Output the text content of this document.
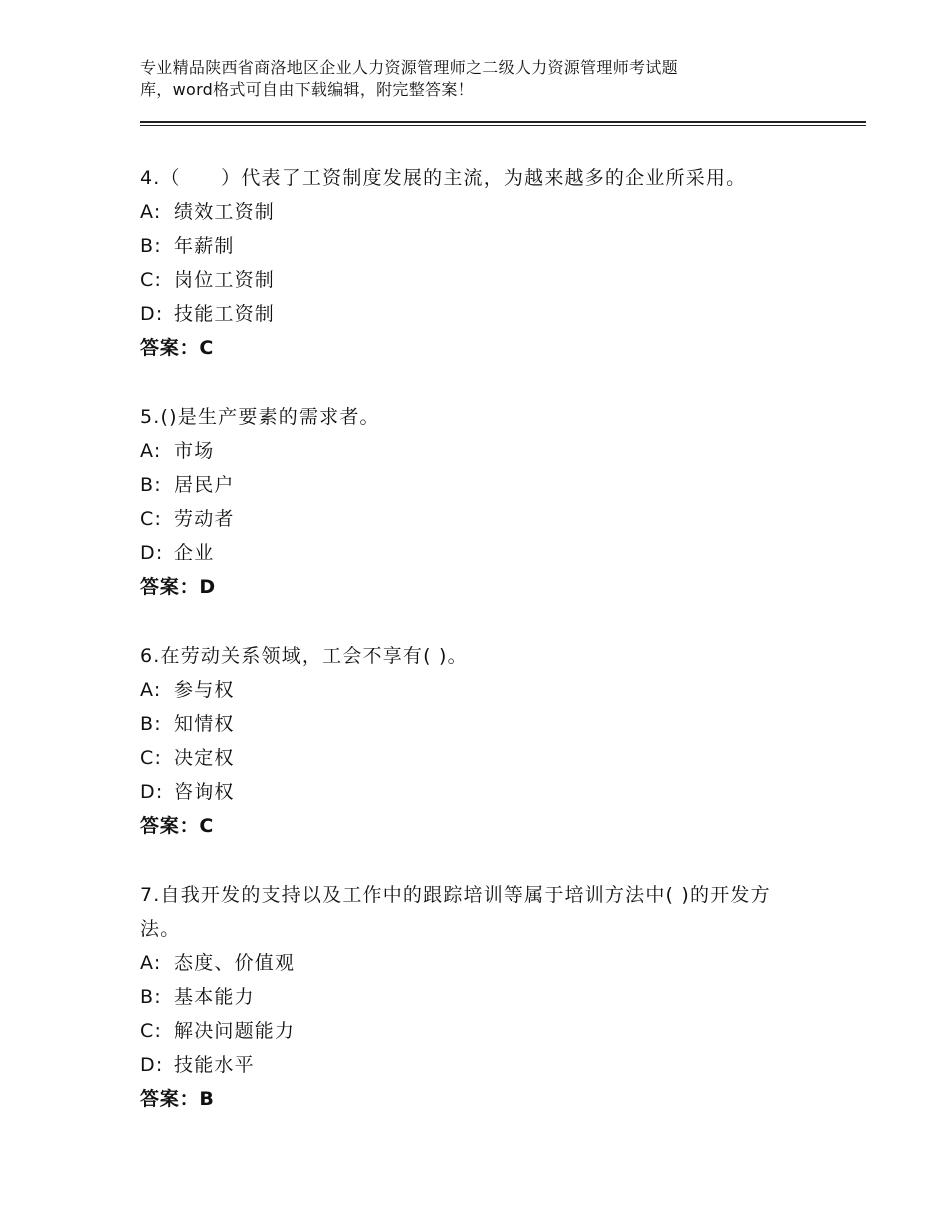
专业精品陕西省商洛地区企业人力资源管理师之二级人力资源管理师考试题
库，word格式可自由下载编辑，附完整答案！
4.（　　）代表了工资制度发展的主流，为越来越多的企业所采用。
A: 绩效工资制
B: 年薪制
C: 岗位工资制
D: 技能工资制
答案：C
5.()是生产要素的需求者。
A: 市场
B: 居民户
C: 劳动者
D: 企业
答案：D
6.在劳动关系领域，工会不享有( )。
A: 参与权
B: 知情权
C: 决定权
D: 咨询权
答案：C
7.自我开发的支持以及工作中的跟踪培训等属于培训方法中( )的开发方法。
A: 态度、价值观
B: 基本能力
C: 解决问题能力
D: 技能水平
答案：B
